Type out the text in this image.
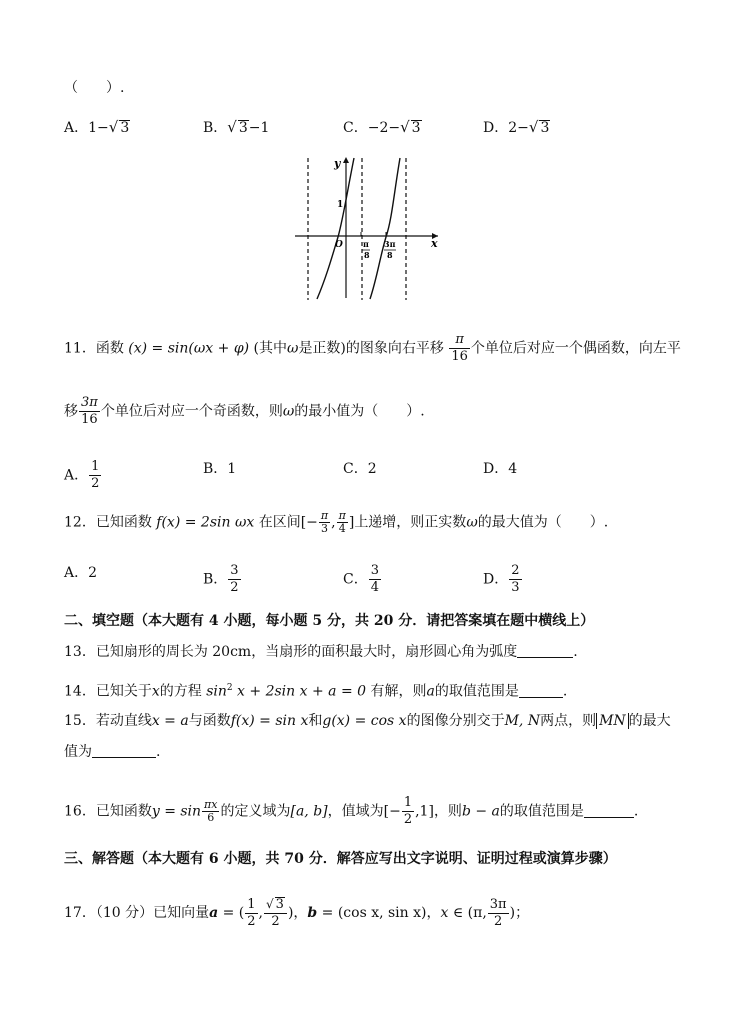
（　　）.
A．1−√ 3	B．√ 3−1	C．−2−√ 3	D．2−√ 3
y
x
1
O	π
8
3π
8
11．函数 (x) = sin(ωx + φ) (其中ω是正数)的图象向右平移 $\frac{\pi}{16}$ 个单位后对应一个偶函数，向左平
移 $\frac{3\pi}{16}$ 个单位后对应一个奇函数，则ω的最小值为（　　）.
A． $\frac{1}{2}$	B．1	C．2	D．4
12．已知函数 f(x) = 2sin ωx 在区间[− $\frac{\pi}{3}$ , $\frac{\pi}{4}$ ]上递增，则正实数ω的最大值为（　　）.
A．2	B． $\frac{3}{2}$	C． $\frac{3}{4}$	D． $\frac{2}{3}$
二、填空题（本大题有 4 小题，每小题 5 分，共 20 分．请把答案填在题中横线上）
13．已知扇形的周长为 20cm，当扇形的面积最大时，扇形圆心角为弧度	.
14．已知关于x的方程 $\sin^2 x + 2\sin$ x + a = 0 有解，则a的取值范围是	.
15．若动直线x = a与函数f(x) = sin x和g(x) = cos x的图像分别交于M, N两点，则 MN 的最大
值为	.
16．已知函数$y = \sin \frac{\pi x}{6}$ 的定义域为[a, b]，值域为[− $\frac{1}{2} ,1$]，则b − a的取值范围是	.
三、解答题（本大题有 6 小题，共 70 分．解答应写出文字说明、证明过程或演算步骤）
17．（10 分）已知向量a = ( $\frac{1}{2}$ , $\frac{√ 3}{2}$ )，b = (cos x, sin x)，x ∈ (π, $\frac{3\pi}{2}$ )；
